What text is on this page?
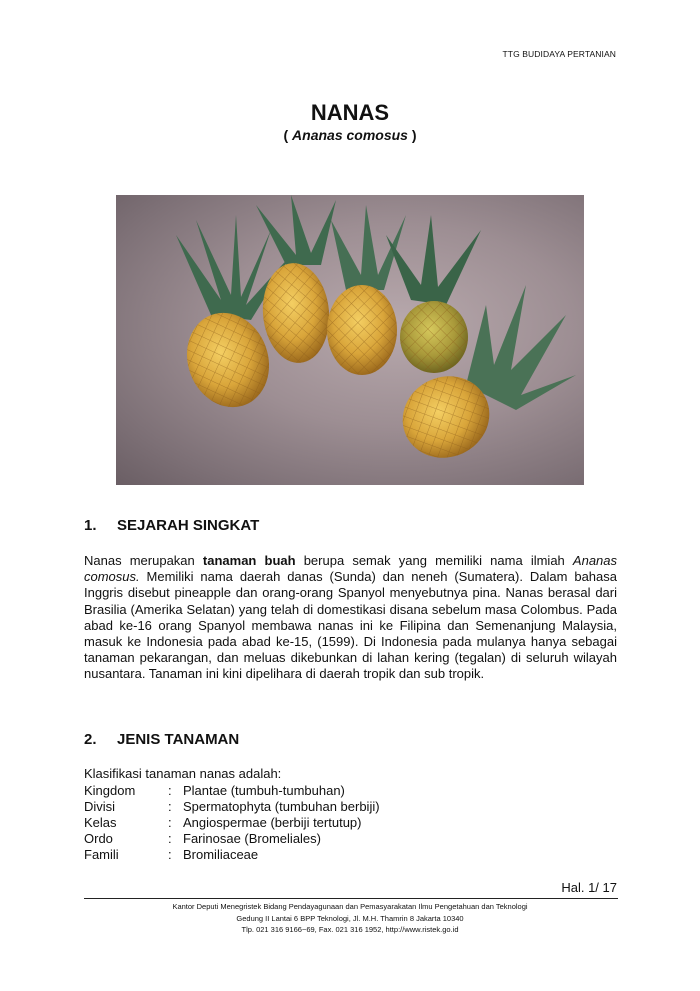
TTG BUDIDAYA PERTANIAN
NANAS
( Ananas comosus )
1. SEJARAH SINGKAT
Nanas merupakan tanaman buah berupa semak yang memiliki nama ilmiah Ananas comosus. Memiliki nama daerah danas (Sunda) dan neneh (Sumatera). Dalam bahasa Inggris disebut pineapple dan orang-orang Spanyol menyebutnya pina. Nanas berasal dari Brasilia (Amerika Selatan) yang telah di domestikasi disana sebelum masa Colombus. Pada abad ke-16 orang Spanyol membawa nanas ini ke Filipina dan Semenanjung Malaysia, masuk ke Indonesia pada abad ke-15, (1599). Di Indonesia pada mulanya hanya sebagai tanaman pekarangan, dan meluas dikebunkan di lahan kering (tegalan) di seluruh wilayah nusantara. Tanaman ini kini dipelihara di daerah tropik dan sub tropik.
2. JENIS TANAMAN
Klasifikasi tanaman nanas adalah:
Kingdom	: Plantae (tumbuh-tumbuhan)
Divisi	: Spermatophyta (tumbuhan berbiji)
Kelas	: Angiospermae (berbiji tertutup)
Ordo	: Farinosae (Bromeliales)
Famili	: Bromiliaceae
Hal. 1/ 17
Kantor Deputi Menegristek Bidang Pendayagunaan dan Pemasyarakatan Ilmu Pengetahuan dan Teknologi
Gedung II Lantai 6 BPP Teknologi, Jl. M.H. Thamrin 8 Jakarta 10340
Tlp. 021 316 9166~69, Fax. 021 316 1952, http://www.ristek.go.id
